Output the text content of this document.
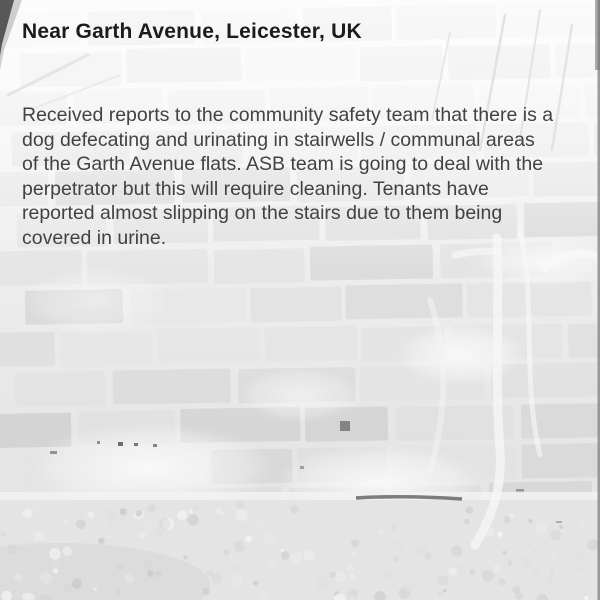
Near Garth Avenue, Leicester, UK
Received reports to the community safety team that there is a
dog defecating and urinating in stairwells / communal areas
of the Garth Avenue flats. ASB team is going to deal with the
perpetrator but this will require cleaning. Tenants have
reported almost slipping on the stairs due to them being
covered in urine.
